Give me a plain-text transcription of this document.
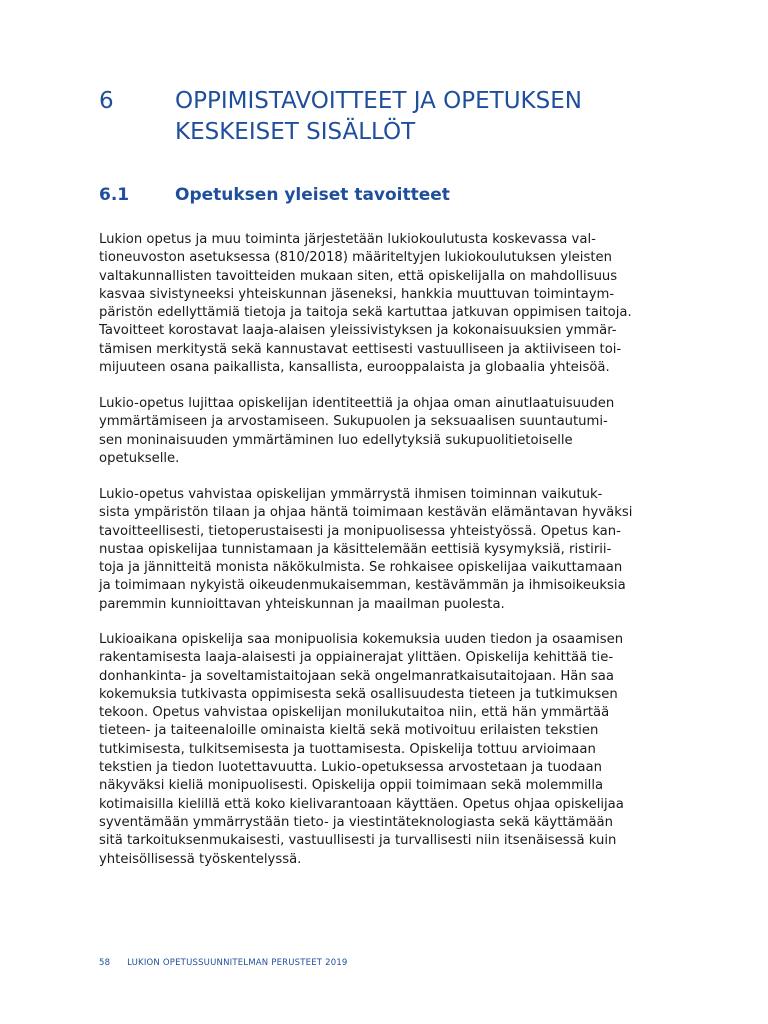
6	OPPIMISTAVOITTEET JA OPETUKSEN
KESKEISET SISÄLLÖT
6.1	Opetuksen yleiset tavoitteet
Lukion opetus ja muu toiminta järjestetään lukiokoulutusta koskevassa val-
tioneuvoston asetuksessa (810/2018) määriteltyjen lukiokoulutuksen yleisten
valtakunnallisten tavoitteiden mukaan siten, että opiskelijalla on mahdollisuus
kasvaa sivistyneeksi yhteiskunnan jäseneksi, hankkia muuttuvan toimintaym-
päristön edellyttämiä tietoja ja taitoja sekä kartuttaa jatkuvan oppimisen taitoja.
Tavoitteet korostavat laaja-alaisen yleissivistyksen ja kokonaisuuksien ymmär-
tämisen merkitystä sekä kannustavat eettisesti vastuulliseen ja aktiiviseen toi-
mijuuteen osana paikallista, kansallista, eurooppalaista ja globaalia yhteisöä.
Lukio-opetus lujittaa opiskelijan identiteettiä ja ohjaa oman ainutlaatuisuuden
ymmärtämiseen ja arvostamiseen. Sukupuolen ja seksuaalisen suuntautumi-
sen moninaisuuden ymmärtäminen luo edellytyksiä sukupuolitietoiselle
opetukselle.
Lukio-opetus vahvistaa opiskelijan ymmärrystä ihmisen toiminnan vaikutuk-
sista ympäristön tilaan ja ohjaa häntä toimimaan kestävän elämäntavan hyväksi
tavoitteellisesti, tietoperustaisesti ja monipuolisessa yhteistyössä. Opetus kan-
nustaa opiskelijaa tunnistamaan ja käsittelemään eettisiä kysymyksiä, ristirii-
toja ja jännitteitä monista näkökulmista. Se rohkaisee opiskelijaa vaikuttamaan
ja toimimaan nykyistä oikeudenmukaisemman, kestävämmän ja ihmisoikeuksia
paremmin kunnioittavan yhteiskunnan ja maailman puolesta.
Lukioaikana opiskelija saa monipuolisia kokemuksia uuden tiedon ja osaamisen
rakentamisesta laaja-alaisesti ja oppiainerajat ylittäen. Opiskelija kehittää tie-
donhankinta- ja soveltamistaitojaan sekä ongelmanratkaisutaitojaan. Hän saa
kokemuksia tutkivasta oppimisesta sekä osallisuudesta tieteen ja tutkimuksen
tekoon. Opetus vahvistaa opiskelijan monilukutaitoa niin, että hän ymmärtää
tieteen- ja taiteenaloille ominaista kieltä sekä motivoituu erilaisten tekstien
tutkimisesta, tulkitsemisesta ja tuottamisesta. Opiskelija tottuu arvioimaan
tekstien ja tiedon luotettavuutta. Lukio-opetuksessa arvostetaan ja tuodaan
näkyväksi kieliä monipuolisesti. Opiskelija oppii toimimaan sekä molemmilla
kotimaisilla kielillä että koko kielivarantoaan käyttäen. Opetus ohjaa opiskelijaa
syventämään ymmärrystään tieto- ja viestintäteknologiasta sekä käyttämään
sitä tarkoituksenmukaisesti, vastuullisesti ja turvallisesti niin itsenäisessä kuin
yhteisöllisessä työskentelyssä.
58 LUKION OPETUSSUUNNITELMAN PERUSTEET 2019
